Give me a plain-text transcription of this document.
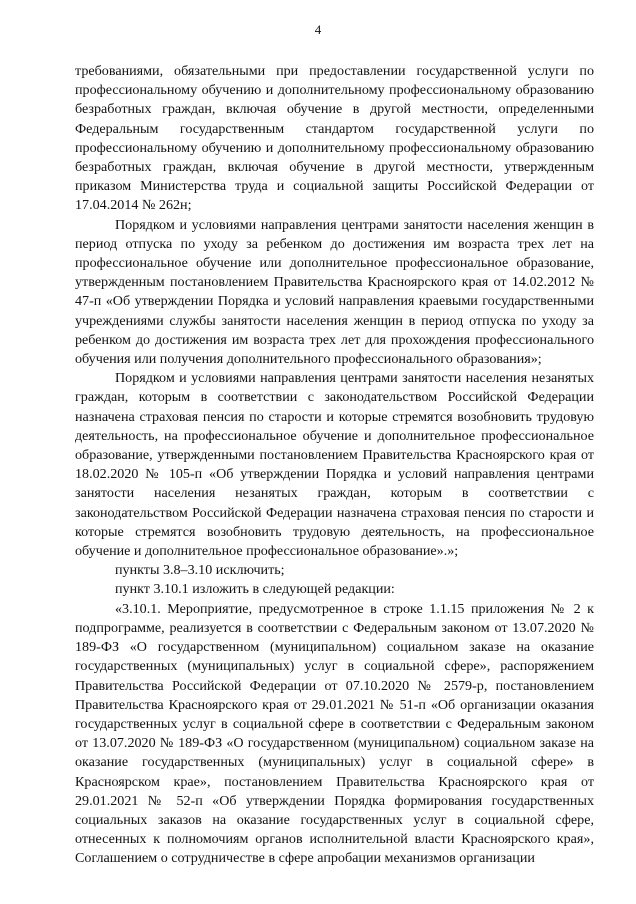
4

требованиями, обязательными при предоставлении государственной услуги по профессиональному обучению и дополнительному профессиональному образованию безработных граждан, включая обучение в другой местности, определенными Федеральным государственным стандартом государственной услуги по профессиональному обучению и дополнительному профессиональному образованию безработных граждан, включая обучение в другой местности, утвержденным приказом Министерства труда и социальной защиты Российской Федерации от 17.04.2014 № 262н;

Порядком и условиями направления центрами занятости населения женщин в период отпуска по уходу за ребенком до достижения им возраста трех лет на профессиональное обучение или дополнительное профессиональное образование, утвержденным постановлением Правительства Красноярского края от 14.02.2012 № 47-п «Об утверждении Порядка и условий направления краевыми государственными учреждениями службы занятости населения женщин в период отпуска по уходу за ребенком до достижения им возраста трех лет для прохождения профессионального обучения или получения дополнительного профессионального образования»;

Порядком и условиями направления центрами занятости населения незанятых граждан, которым в соответствии с законодательством Российской Федерации назначена страховая пенсия по старости и которые стремятся возобновить трудовую деятельность, на профессиональное обучение и дополнительное профессиональное образование, утвержденными постановлением Правительства Красноярского края от 18.02.2020 № 105-п «Об утверждении Порядка и условий направления центрами занятости населения незанятых граждан, которым в соответствии с законодательством Российской Федерации назначена страховая пенсия по старости и которые стремятся возобновить трудовую деятельность, на профессиональное обучение и дополнительное профессиональное образование».»;

пункты 3.8–3.10 исключить;

пункт 3.10.1 изложить в следующей редакции:

«3.10.1. Мероприятие, предусмотренное в строке 1.1.15 приложения № 2 к подпрограмме, реализуется в соответствии с Федеральным законом от 13.07.2020 № 189-ФЗ «О государственном (муниципальном) социальном заказе на оказание государственных (муниципальных) услуг в социальной сфере», распоряжением Правительства Российской Федерации от 07.10.2020 № 2579-р, постановлением Правительства Красноярского края от 29.01.2021 № 51-п «Об организации оказания государственных услуг в социальной сфере в соответствии с Федеральным законом от 13.07.2020 № 189-ФЗ «О государственном (муниципальном) социальном заказе на оказание государственных (муниципальных) услуг в социальной сфере» в Красноярском крае», постановлением Правительства Красноярского края от 29.01.2021 № 52-п «Об утверждении Порядка формирования государственных социальных заказов на оказание государственных услуг в социальной сфере, отнесенных к полномочиям органов исполнительной власти Красноярского края», Соглашением о сотрудничестве в сфере апробации механизмов организации
